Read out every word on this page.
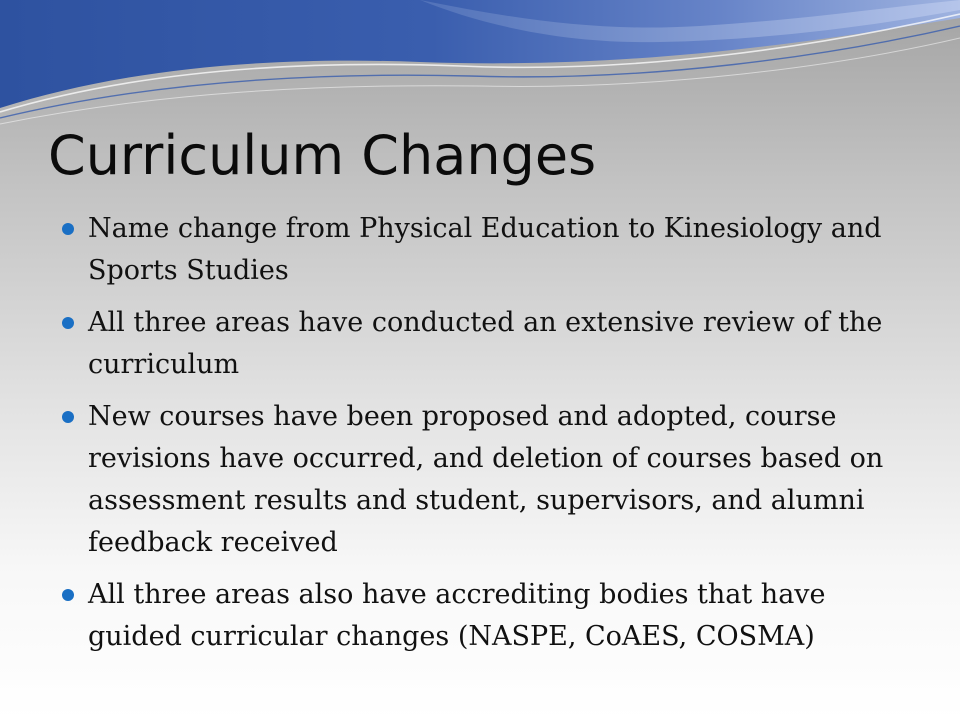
Curriculum Changes
Name change from Physical Education to Kinesiology and Sports Studies
All three areas have conducted an extensive review of the curriculum
New courses have been proposed and adopted, course revisions have occurred, and deletion of courses based on assessment results and student, supervisors, and alumni feedback received
All three areas also have accrediting bodies that have guided curricular changes (NASPE, CoAES, COSMA)
